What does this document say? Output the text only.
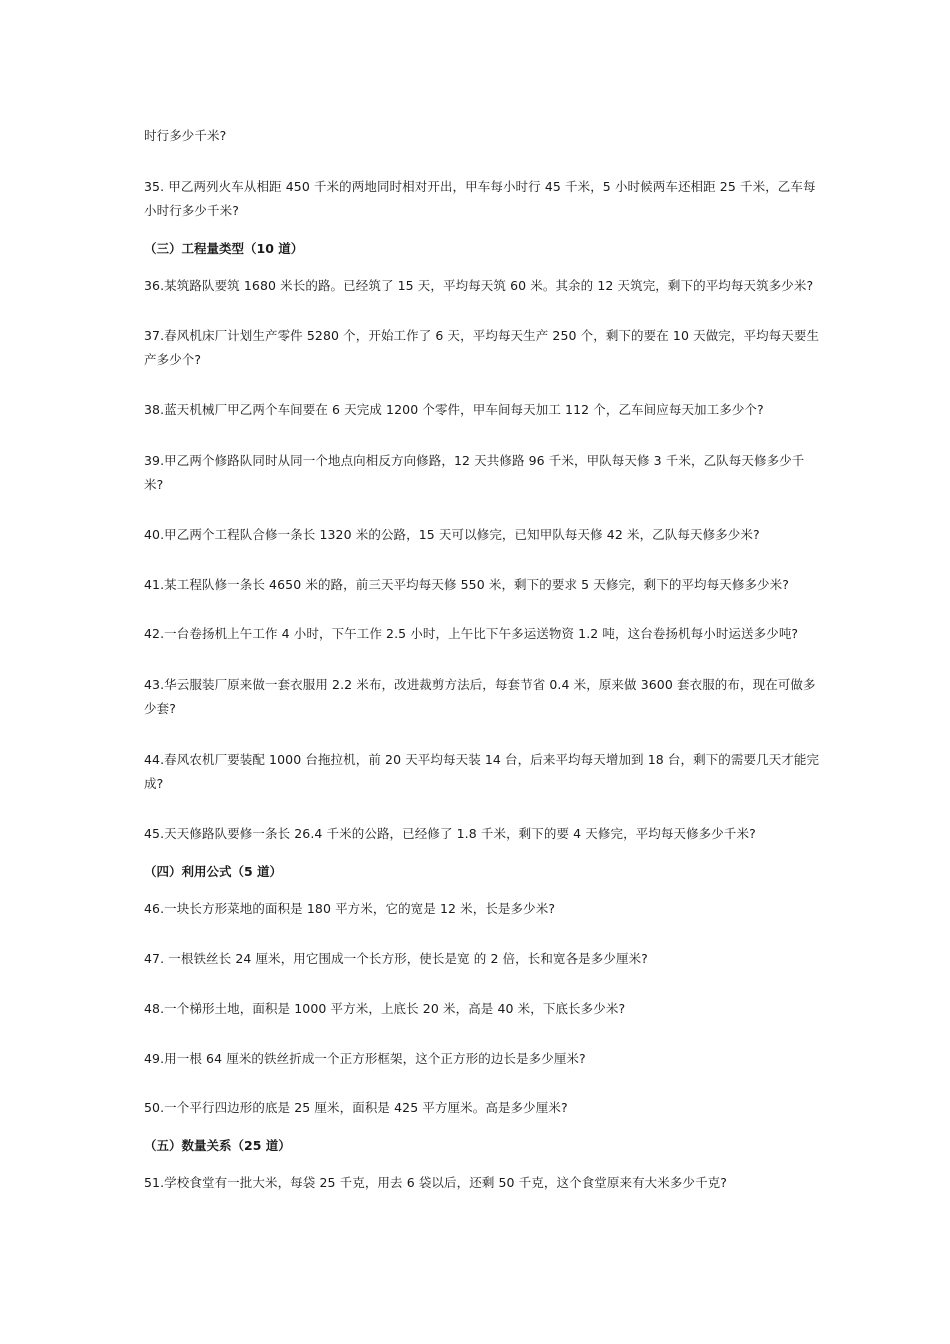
时行多少千米?
35. 甲乙两列火车从相距 450 千米的两地同时相对开出，甲车每小时行 45 千米，5 小时候两车还相距 25 千米，乙车每
小时行多少千米?
（三）工程量类型（10 道）
36.某筑路队要筑 1680 米长的路。已经筑了 15 天，平均每天筑 60 米。其余的 12 天筑完，剩下的平均每天筑多少米?
37.春风机床厂计划生产零件 5280 个，开始工作了 6 天，平均每天生产 250 个，剩下的要在 10 天做完，平均每天要生
产多少个?
38.蓝天机械厂甲乙两个车间要在 6 天完成 1200 个零件，甲车间每天加工 112 个，乙车间应每天加工多少个?
39.甲乙两个修路队同时从同一个地点向相反方向修路，12 天共修路 96 千米，甲队每天修 3 千米，乙队每天修多少千
米?
40.甲乙两个工程队合修一条长 1320 米的公路，15 天可以修完，已知甲队每天修 42 米，乙队每天修多少米?
41.某工程队修一条长 4650 米的路，前三天平均每天修 550 米，剩下的要求 5 天修完，剩下的平均每天修多少米?
42.一台卷扬机上午工作 4 小时，下午工作 2.5 小时，上午比下午多运送物资 1.2 吨，这台卷扬机每小时运送多少吨?
43.华云服装厂原来做一套衣服用 2.2 米布，改进裁剪方法后，每套节省 0.4 米，原来做 3600 套衣服的布，现在可做多
少套?
44.春风农机厂要装配 1000 台拖拉机，前 20 天平均每天装 14 台，后来平均每天增加到 18 台，剩下的需要几天才能完
成?
45.天天修路队要修一条长 26.4 千米的公路，已经修了 1.8 千米，剩下的要 4 天修完，平均每天修多少千米?
（四）利用公式（5 道）
46.一块长方形菜地的面积是 180 平方米，它的宽是 12 米，长是多少米?
47. 一根铁丝长 24 厘米，用它围成一个长方形，使长是宽 的 2 倍，长和宽各是多少厘米?
48.一个梯形土地，面积是 1000 平方米，上底长 20 米，高是 40 米，下底长多少米?
49.用一根 64 厘米的铁丝折成一个正方形框架，这个正方形的边长是多少厘米?
50.一个平行四边形的底是 25 厘米，面积是 425 平方厘米。高是多少厘米?
（五）数量关系（25 道）
51.学校食堂有一批大米，每袋 25 千克，用去 6 袋以后，还剩 50 千克，这个食堂原来有大米多少千克?
